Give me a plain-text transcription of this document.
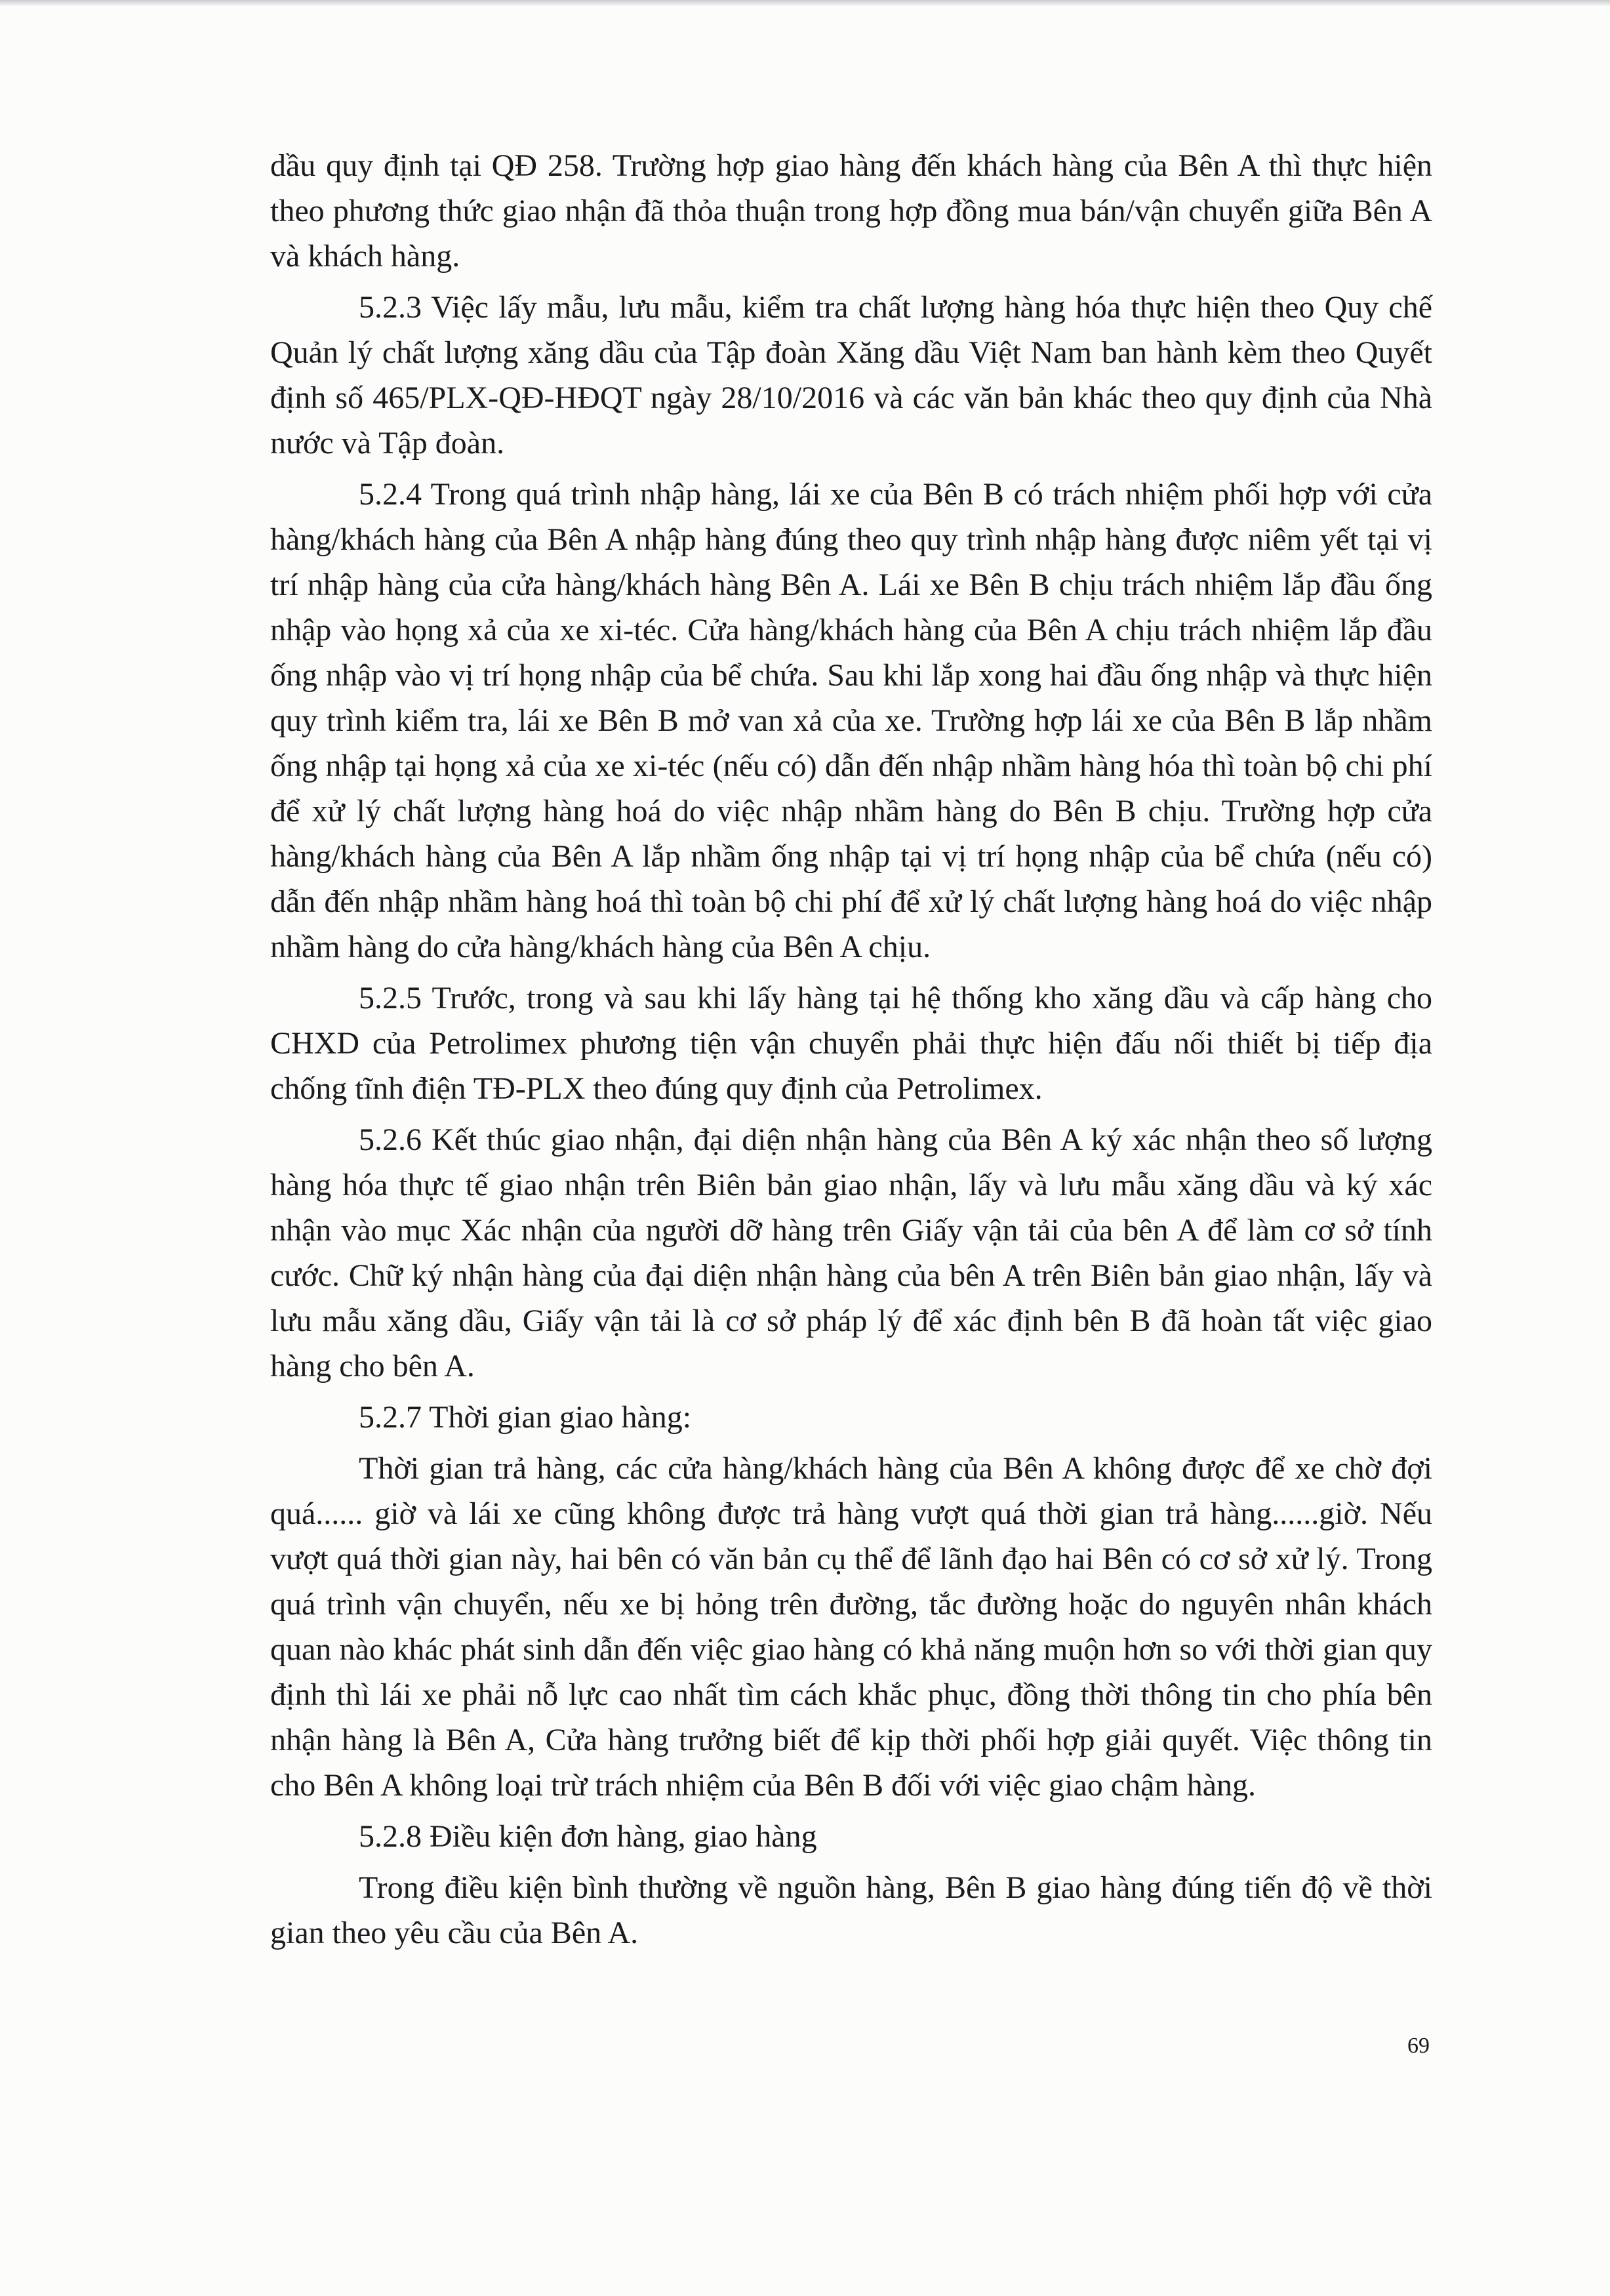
dầu quy định tại QĐ 258. Trường hợp giao hàng đến khách hàng của Bên A thì thực hiện theo phương thức giao nhận đã thỏa thuận trong hợp đồng mua bán/vận chuyển giữa Bên A và khách hàng.

5.2.3 Việc lấy mẫu, lưu mẫu, kiểm tra chất lượng hàng hóa thực hiện theo Quy chế Quản lý chất lượng xăng dầu của Tập đoàn Xăng dầu Việt Nam ban hành kèm theo Quyết định số 465/PLX-QĐ-HĐQT ngày 28/10/2016 và các văn bản khác theo quy định của Nhà nước và Tập đoàn.

5.2.4 Trong quá trình nhập hàng, lái xe của Bên B có trách nhiệm phối hợp với cửa hàng/khách hàng của Bên A nhập hàng đúng theo quy trình nhập hàng được niêm yết tại vị trí nhập hàng của cửa hàng/khách hàng Bên A. Lái xe Bên B chịu trách nhiệm lắp đầu ống nhập vào họng xả của xe xi-téc. Cửa hàng/khách hàng của Bên A chịu trách nhiệm lắp đầu ống nhập vào vị trí họng nhập của bể chứa. Sau khi lắp xong hai đầu ống nhập và thực hiện quy trình kiểm tra, lái xe Bên B mở van xả của xe. Trường hợp lái xe của Bên B lắp nhầm ống nhập tại họng xả của xe xi-téc (nếu có) dẫn đến nhập nhầm hàng hóa thì toàn bộ chi phí để xử lý chất lượng hàng hoá do việc nhập nhầm hàng do Bên B chịu. Trường hợp cửa hàng/khách hàng của Bên A lắp nhầm ống nhập tại vị trí họng nhập của bể chứa (nếu có) dẫn đến nhập nhầm hàng hoá thì toàn bộ chi phí để xử lý chất lượng hàng hoá do việc nhập nhầm hàng do cửa hàng/khách hàng của Bên A chịu.

5.2.5 Trước, trong và sau khi lấy hàng tại hệ thống kho xăng dầu và cấp hàng cho CHXD của Petrolimex phương tiện vận chuyển phải thực hiện đấu nối thiết bị tiếp địa chống tĩnh điện TĐ-PLX theo đúng quy định của Petrolimex.

5.2.6 Kết thúc giao nhận, đại diện nhận hàng của Bên A ký xác nhận theo số lượng hàng hóa thực tế giao nhận trên Biên bản giao nhận, lấy và lưu mẫu xăng dầu và ký xác nhận vào mục Xác nhận của người dỡ hàng trên Giấy vận tải của bên A để làm cơ sở tính cước. Chữ ký nhận hàng của đại diện nhận hàng của bên A trên Biên bản giao nhận, lấy và lưu mẫu xăng dầu, Giấy vận tải là cơ sở pháp lý để xác định bên B đã hoàn tất việc giao hàng cho bên A.

5.2.7 Thời gian giao hàng:

Thời gian trả hàng, các cửa hàng/khách hàng của Bên A không được để xe chờ đợi quá...... giờ và lái xe cũng không được trả hàng vượt quá thời gian trả hàng......giờ. Nếu vượt quá thời gian này, hai bên có văn bản cụ thể để lãnh đạo hai Bên có cơ sở xử lý. Trong quá trình vận chuyển, nếu xe bị hỏng trên đường, tắc đường hoặc do nguyên nhân khách quan nào khác phát sinh dẫn đến việc giao hàng có khả năng muộn hơn so với thời gian quy định thì lái xe phải nỗ lực cao nhất tìm cách khắc phục, đồng thời thông tin cho phía bên nhận hàng là Bên A, Cửa hàng trưởng biết để kịp thời phối hợp giải quyết. Việc thông tin cho Bên A không loại trừ trách nhiệm của Bên B đối với việc giao chậm hàng.

5.2.8 Điều kiện đơn hàng, giao hàng

Trong điều kiện bình thường về nguồn hàng, Bên B giao hàng đúng tiến độ về thời gian theo yêu cầu của Bên A.

69
